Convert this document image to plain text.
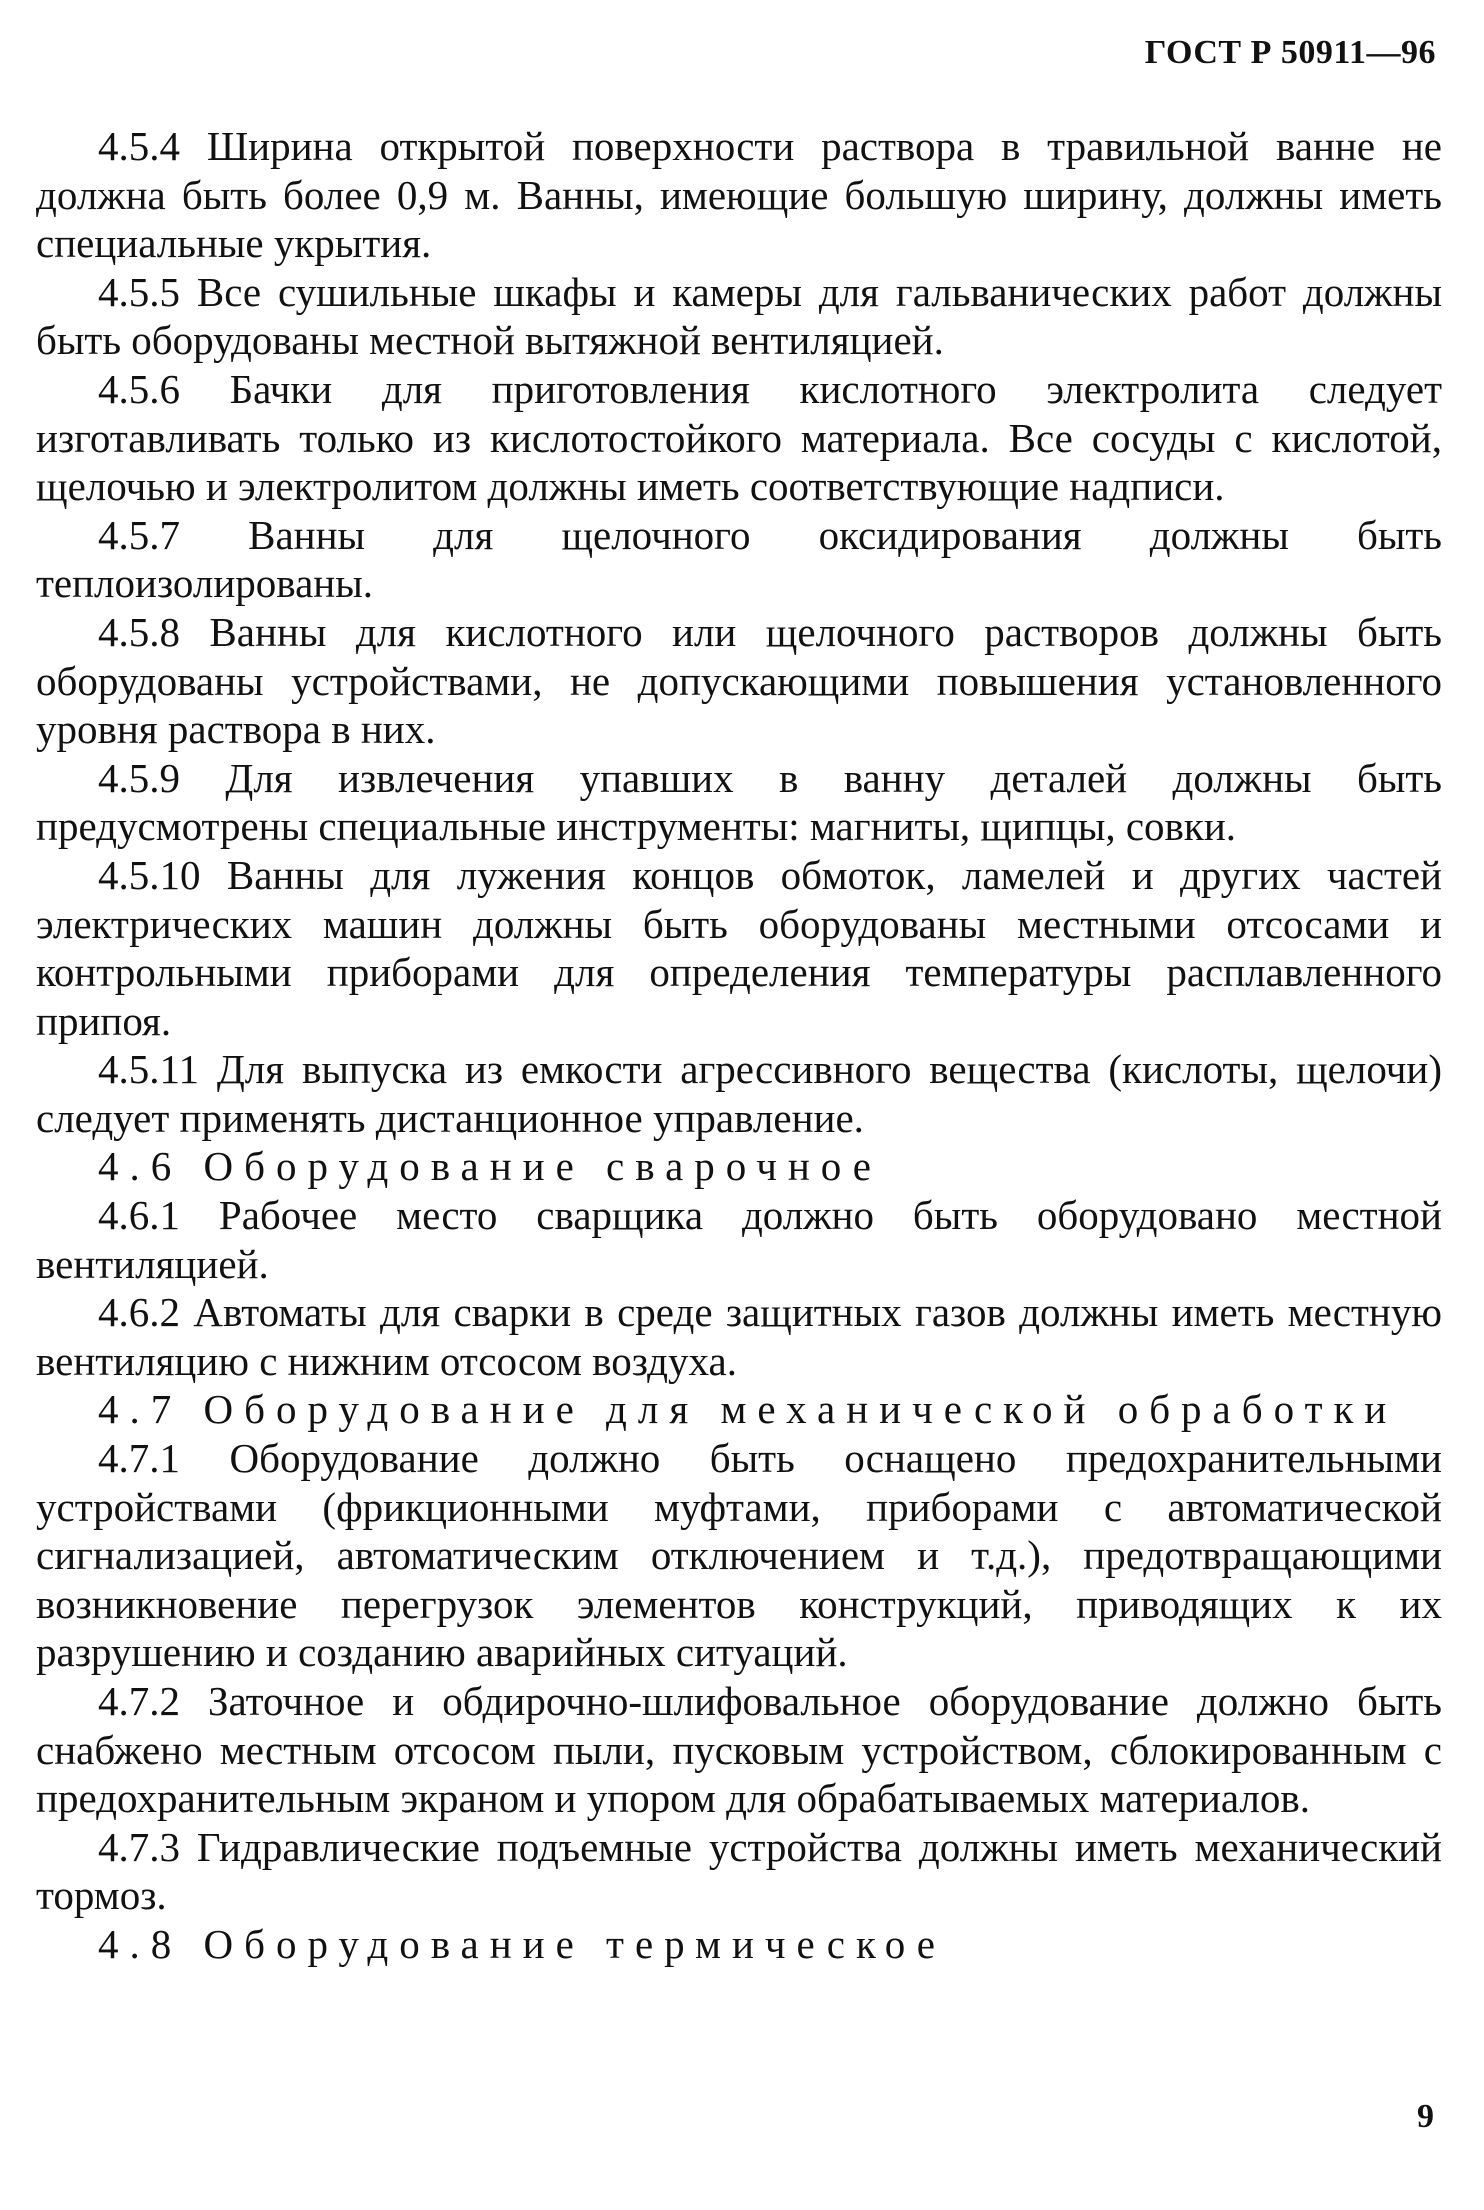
ГОСТ Р 50911—96

4.5.4 Ширина открытой поверхности раствора в травильной ванне не должна быть более 0,9 м. Ванны, имеющие большую ширину, должны иметь специальные укрытия.

4.5.5 Все сушильные шкафы и камеры для гальванических работ должны быть оборудованы местной вытяжной вентиляцией.

4.5.6 Бачки для приготовления кислотного электролита следует изготавливать только из кислотостойкого материала. Все сосуды с кислотой, щелочью и электролитом должны иметь соответствующие надписи.

4.5.7 Ванны для щелочного оксидирования должны быть теплоизолированы.

4.5.8 Ванны для кислотного или щелочного растворов должны быть оборудованы устройствами, не допускающими повышения установленного уровня раствора в них.

4.5.9 Для извлечения упавших в ванну деталей должны быть предусмотрены специальные инструменты: магниты, щипцы, совки.

4.5.10 Ванны для лужения концов обмоток, ламелей и других частей электрических машин должны быть оборудованы местными отсосами и контрольными приборами для определения температуры расплавленного припоя.

4.5.11 Для выпуска из емкости агрессивного вещества (кислоты, щелочи) следует применять дистанционное управление.

4.6 Оборудование сварочное

4.6.1 Рабочее место сварщика должно быть оборудовано местной вентиляцией.

4.6.2 Автоматы для сварки в среде защитных газов должны иметь местную вентиляцию с нижним отсосом воздуха.

4.7 Оборудование для механической обработки

4.7.1 Оборудование должно быть оснащено предохранительными устройствами (фрикционными муфтами, приборами с автоматической сигнализацией, автоматическим отключением и т.д.), предотвращающими возникновение перегрузок элементов конструкций, приводящих к их разрушению и созданию аварийных ситуаций.

4.7.2 Заточное и обдирочно-шлифовальное оборудование должно быть снабжено местным отсосом пыли, пусковым устройством, сблокированным с предохранительным экраном и упором для обрабатываемых материалов.

4.7.3 Гидравлические подъемные устройства должны иметь механический тормоз.

4.8 Оборудование термическое

9
